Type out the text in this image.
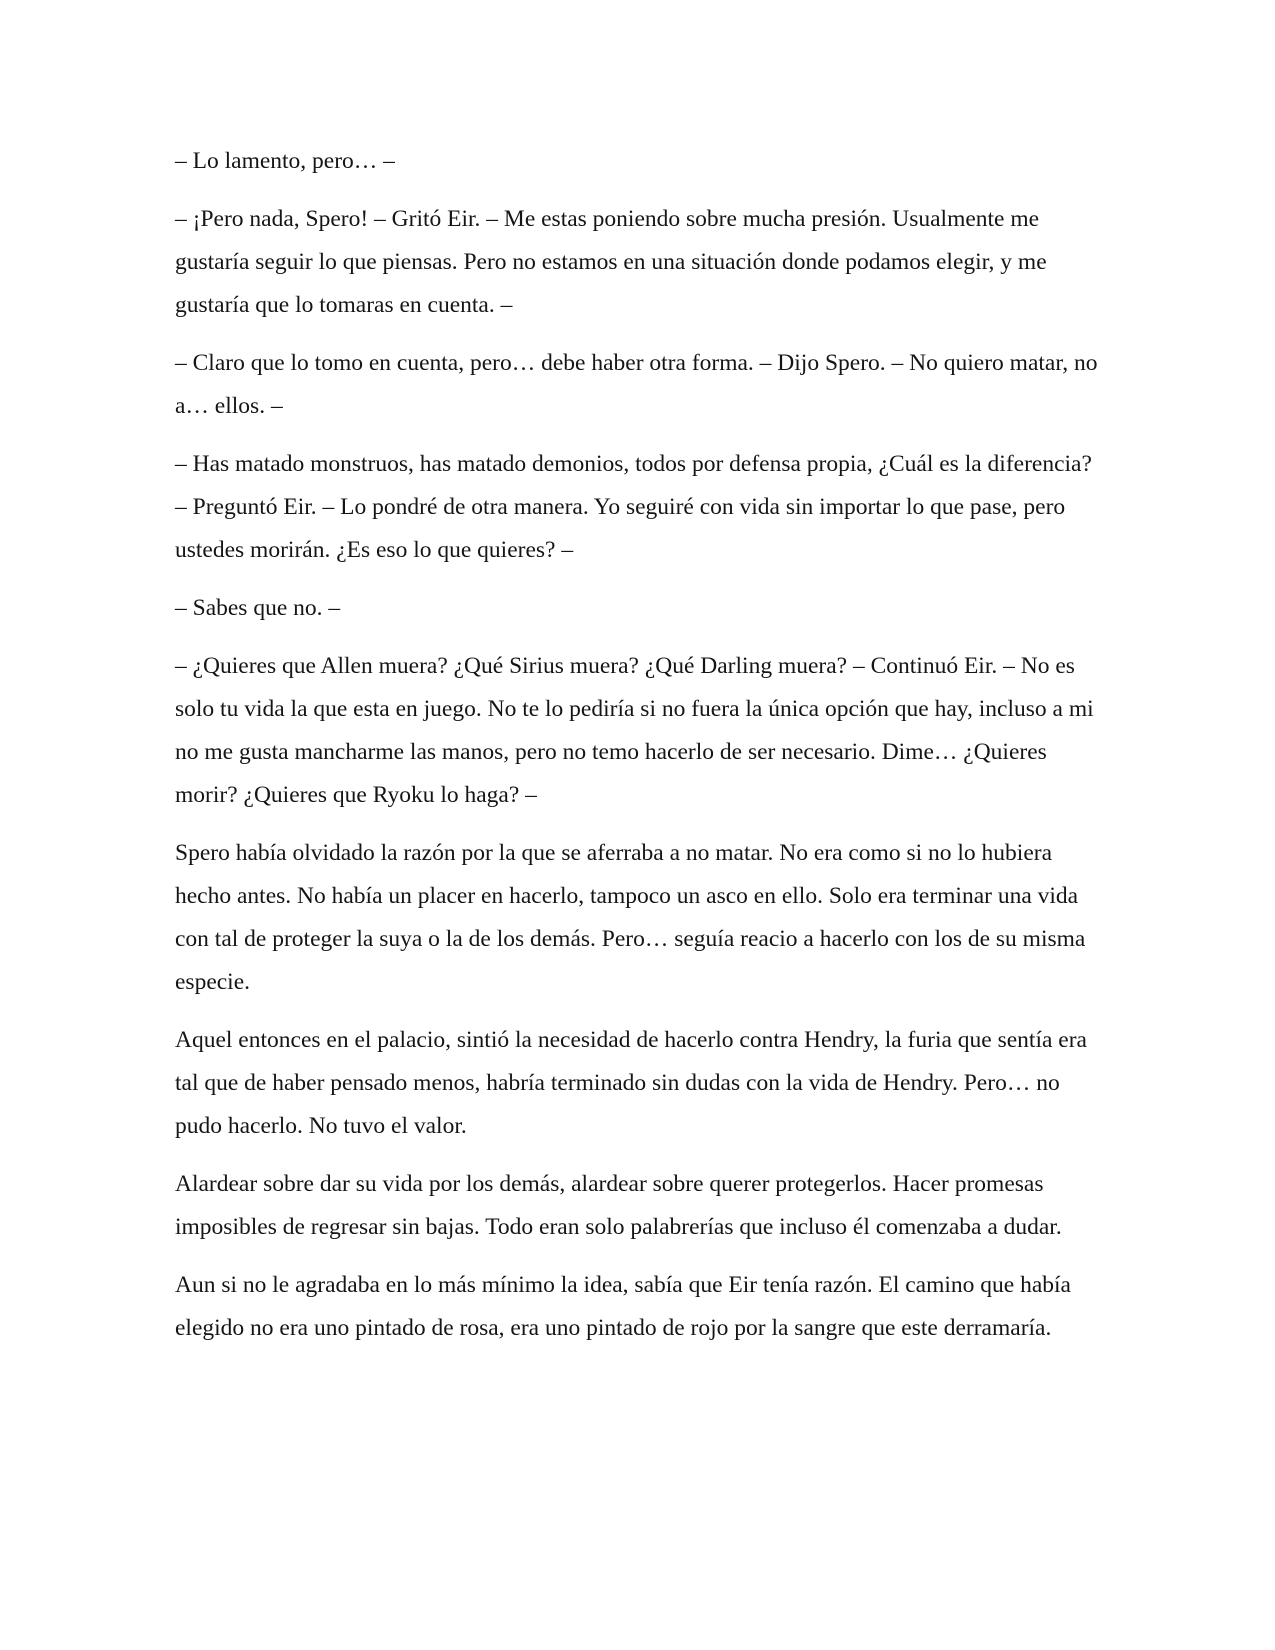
– Lo lamento, pero… –

– ¡Pero nada, Spero! – Gritó Eir. – Me estas poniendo sobre mucha presión. Usualmente me gustaría seguir lo que piensas. Pero no estamos en una situación donde podamos elegir, y me gustaría que lo tomaras en cuenta. –

– Claro que lo tomo en cuenta, pero… debe haber otra forma. – Dijo Spero. – No quiero matar, no a… ellos. –

– Has matado monstruos, has matado demonios, todos por defensa propia, ¿Cuál es la diferencia? – Preguntó Eir. – Lo pondré de otra manera. Yo seguiré con vida sin importar lo que pase, pero ustedes morirán. ¿Es eso lo que quieres? –

– Sabes que no. –

– ¿Quieres que Allen muera? ¿Qué Sirius muera? ¿Qué Darling muera? – Continuó Eir. – No es solo tu vida la que esta en juego. No te lo pediría si no fuera la única opción que hay, incluso a mi no me gusta mancharme las manos, pero no temo hacerlo de ser necesario. Dime… ¿Quieres morir? ¿Quieres que Ryoku lo haga? –

Spero había olvidado la razón por la que se aferraba a no matar. No era como si no lo hubiera hecho antes. No había un placer en hacerlo, tampoco un asco en ello. Solo era terminar una vida con tal de proteger la suya o la de los demás. Pero… seguía reacio a hacerlo con los de su misma especie.

Aquel entonces en el palacio, sintió la necesidad de hacerlo contra Hendry, la furia que sentía era tal que de haber pensado menos, habría terminado sin dudas con la vida de Hendry. Pero… no pudo hacerlo. No tuvo el valor.

Alardear sobre dar su vida por los demás, alardear sobre querer protegerlos. Hacer promesas imposibles de regresar sin bajas. Todo eran solo palabrerías que incluso él comenzaba a dudar.

Aun si no le agradaba en lo más mínimo la idea, sabía que Eir tenía razón. El camino que había elegido no era uno pintado de rosa, era uno pintado de rojo por la sangre que este derramaría.
